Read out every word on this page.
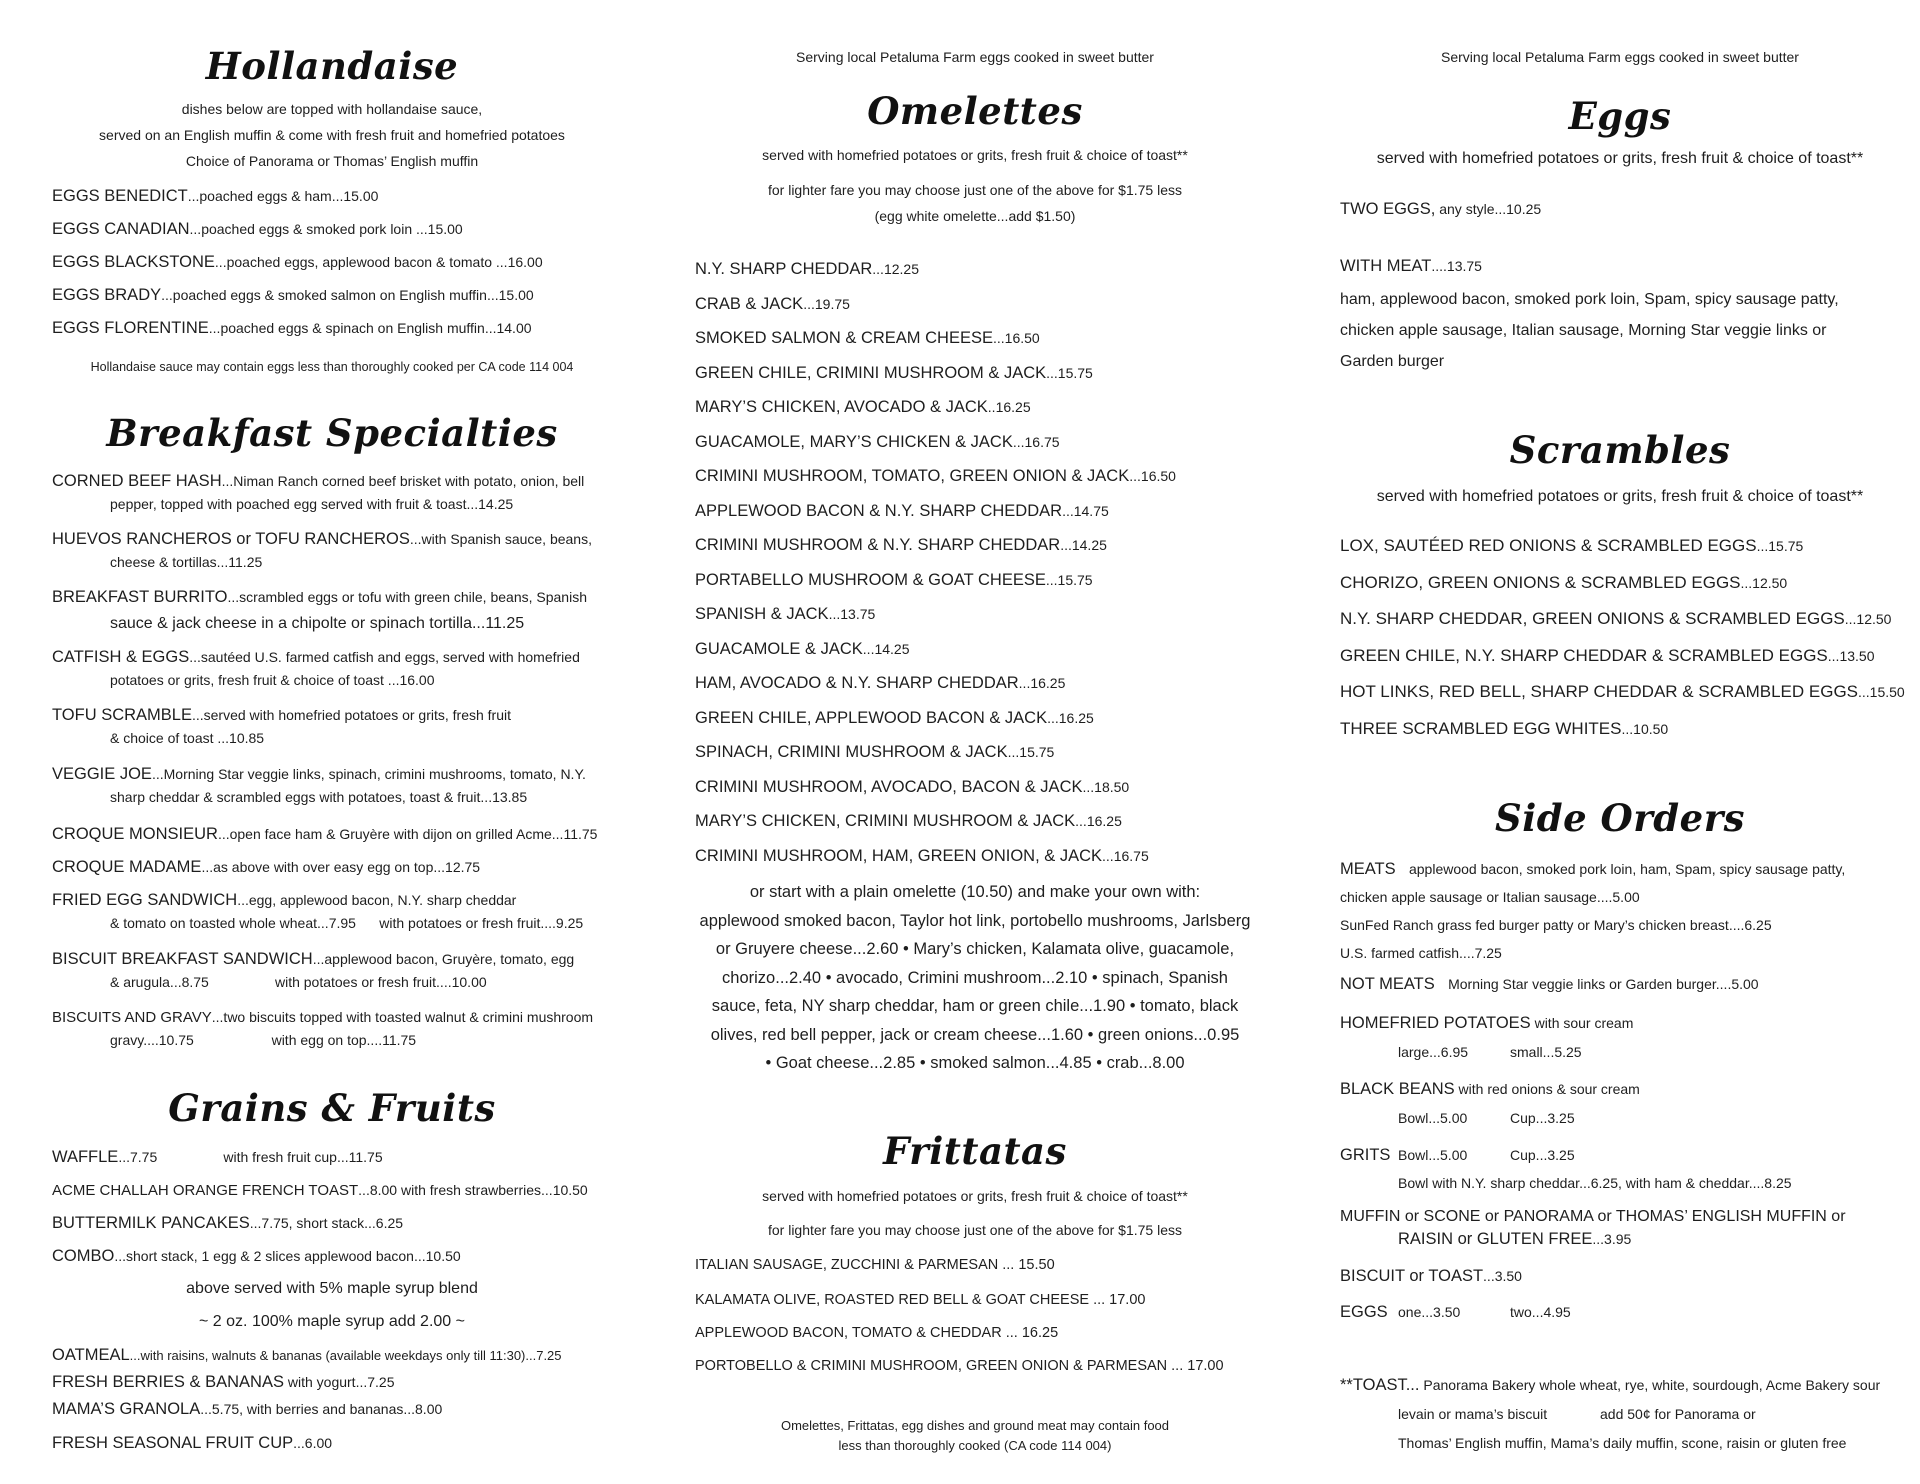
Hollandaise
dishes below are topped with hollandaise sauce,
served on an English muffin & come with fresh fruit and homefried potatoes
Choice of Panorama or Thomas’ English muffin
EGGS BENEDICT...poached eggs & ham...15.00
EGGS CANADIAN...poached eggs & smoked pork loin ...15.00
EGGS BLACKSTONE...poached eggs, applewood bacon & tomato ...16.00
EGGS BRADY...poached eggs & smoked salmon on English muffin...15.00
EGGS FLORENTINE...poached eggs & spinach on English muffin...14.00
Hollandaise sauce may contain eggs less than thoroughly cooked per CA code 114 004
Breakfast Specialties
CORNED BEEF HASH...Niman Ranch corned beef brisket with potato, onion, bell
pepper, topped with poached egg served with fruit & toast...14.25
HUEVOS RANCHEROS or TOFU RANCHEROS...with Spanish sauce, beans,
cheese & tortillas...11.25
BREAKFAST BURRITO...scrambled eggs or tofu with green chile, beans, Spanish
sauce & jack cheese in a chipolte or spinach tortilla...11.25
CATFISH & EGGS...sautéed U.S. farmed catfish and eggs, served with homefried
potatoes or grits, fresh fruit & choice of toast ...16.00
TOFU SCRAMBLE...served with homefried potatoes or grits, fresh fruit
& choice of toast ...10.85
VEGGIE JOE...Morning Star veggie links, spinach, crimini mushrooms, tomato, N.Y.
sharp cheddar & scrambled eggs with potatoes, toast & fruit...13.85
CROQUE MONSIEUR...open face ham & Gruyère with dijon on grilled Acme...11.75
CROQUE MADAME...as above with over easy egg on top...12.75
FRIED EGG SANDWICH...egg, applewood bacon, N.Y. sharp cheddar
& tomato on toasted whole wheat...7.95      with potatoes or fresh fruit....9.25
BISCUIT BREAKFAST SANDWICH...applewood bacon, Gruyère, tomato, egg
& arugula...8.75                 with potatoes or fresh fruit....10.00
BISCUITS AND GRAVY...two biscuits topped with toasted walnut & crimini mushroom
gravy....10.75                    with egg on top....11.75
Grains & Fruits
WAFFLE...7.75                 with fresh fruit cup...11.75
ACME CHALLAH ORANGE FRENCH TOAST...8.00 with fresh strawberries...10.50
BUTTERMILK PANCAKES...7.75, short stack...6.25
COMBO...short stack, 1 egg & 2 slices applewood bacon...10.50
above served with 5% maple syrup blend
~ 2 oz. 100% maple syrup add 2.00 ~
OATMEAL...with raisins, walnuts & bananas (available weekdays only till 11:30)...7.25
FRESH BERRIES & BANANAS with yogurt...7.25
MAMA’S GRANOLA...5.75, with berries and bananas...8.00
FRESH SEASONAL FRUIT CUP...6.00
Serving local Petaluma Farm eggs cooked in sweet butter
Omelettes
served with homefried potatoes or grits, fresh fruit & choice of toast**
for lighter fare you may choose just one of the above for $1.75 less
(egg white omelette...add $1.50)
N.Y. SHARP CHEDDAR...12.25
CRAB & JACK...19.75
SMOKED SALMON & CREAM CHEESE...16.50
GREEN CHILE, CRIMINI MUSHROOM & JACK...15.75
MARY’S CHICKEN, AVOCADO & JACK..16.25
GUACAMOLE, MARY’S CHICKEN & JACK...16.75
CRIMINI MUSHROOM, TOMATO, GREEN ONION & JACK...16.50
APPLEWOOD BACON & N.Y. SHARP CHEDDAR...14.75
CRIMINI MUSHROOM & N.Y. SHARP CHEDDAR...14.25
PORTABELLO MUSHROOM & GOAT CHEESE...15.75
SPANISH & JACK...13.75
GUACAMOLE & JACK...14.25
HAM, AVOCADO & N.Y. SHARP CHEDDAR...16.25
GREEN CHILE, APPLEWOOD BACON & JACK...16.25
SPINACH, CRIMINI MUSHROOM & JACK...15.75
CRIMINI MUSHROOM, AVOCADO, BACON & JACK...18.50
MARY’S CHICKEN, CRIMINI MUSHROOM & JACK...16.25
CRIMINI MUSHROOM, HAM, GREEN ONION, & JACK...16.75
or start with a plain omelette (10.50) and make your own with:
applewood smoked bacon, Taylor hot link, portobello mushrooms, Jarlsberg
or Gruyere cheese...2.60 • Mary’s chicken, Kalamata olive, guacamole,
chorizo...2.40 • avocado, Crimini mushroom...2.10 • spinach, Spanish
sauce, feta, NY sharp cheddar, ham or green chile...1.90 • tomato, black
olives, red bell pepper, jack or cream cheese...1.60 • green onions...0.95
• Goat cheese...2.85 • smoked salmon...4.85 • crab...8.00
Frittatas
served with homefried potatoes or grits, fresh fruit & choice of toast**
for lighter fare you may choose just one of the above for $1.75 less
ITALIAN SAUSAGE, ZUCCHINI & PARMESAN ... 15.50
KALAMATA OLIVE, ROASTED RED BELL & GOAT CHEESE ... 17.00
APPLEWOOD BACON, TOMATO & CHEDDAR ... 16.25
PORTOBELLO & CRIMINI MUSHROOM, GREEN ONION & PARMESAN ... 17.00
Omelettes, Frittatas, egg dishes and ground meat may contain food
less than thoroughly cooked (CA code 114 004)
Serving local Petaluma Farm eggs cooked in sweet butter
Eggs
served with homefried potatoes or grits, fresh fruit & choice of toast**
TWO EGGS, any style...10.25
WITH MEAT....13.75
ham, applewood bacon, smoked pork loin, Spam, spicy sausage patty,
chicken apple sausage, Italian sausage, Morning Star veggie links or
Garden burger
Scrambles
served with homefried potatoes or grits, fresh fruit & choice of toast**
LOX, SAUTÉED RED ONIONS & SCRAMBLED EGGS...15.75
CHORIZO, GREEN ONIONS & SCRAMBLED EGGS...12.50
N.Y. SHARP CHEDDAR, GREEN ONIONS & SCRAMBLED EGGS...12.50
GREEN CHILE, N.Y. SHARP CHEDDAR & SCRAMBLED EGGS...13.50
HOT LINKS, RED BELL, SHARP CHEDDAR & SCRAMBLED EGGS...15.50
THREE SCRAMBLED EGG WHITES...10.50
Side Orders
MEATS applewood bacon, smoked pork loin, ham, Spam, spicy sausage patty,
chicken apple sausage or Italian sausage....5.00
SunFed Ranch grass fed burger patty or Mary’s chicken breast....6.25
U.S. farmed catfish....7.25
NOT MEATS Morning Star veggie links or Garden burger....5.00
HOMEFRIED POTATOES with sour cream
large...6.95	small...5.25
BLACK BEANS with red onions & sour cream
Bowl...5.00	Cup...3.25
GRITS Bowl...5.00	Cup...3.25
Bowl with N.Y. sharp cheddar...6.25, with ham & cheddar....8.25
MUFFIN or SCONE or PANORAMA or THOMAS’ ENGLISH MUFFIN or
RAISIN or GLUTEN FREE...3.95
BISCUIT or TOAST...3.50
EGGS one...3.50	two...4.95
**TOAST... Panorama Bakery whole wheat, rye, white, sourdough, Acme Bakery sour
levain or mama’s biscuit	add 50¢ for Panorama or
Thomas’ English muffin, Mama’s daily muffin, scone, raisin or gluten free
